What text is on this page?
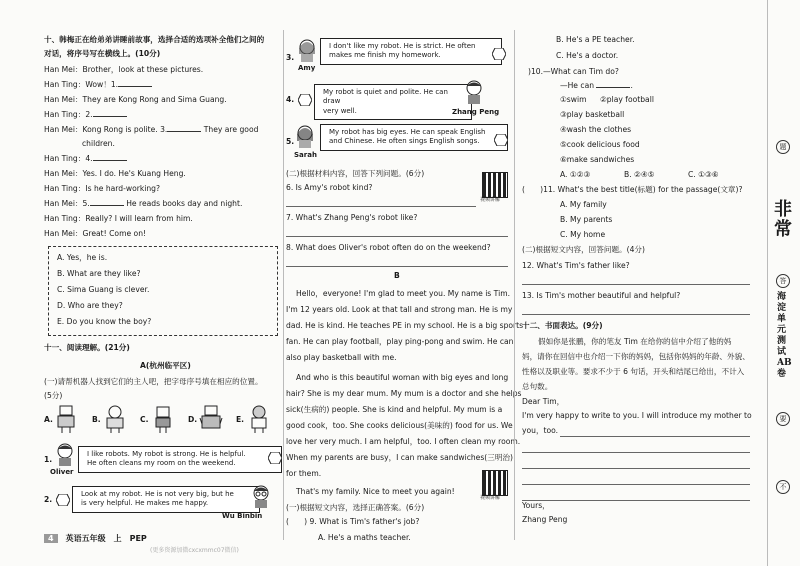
十、韩梅正在给弟弟讲睡前故事，选择合适的选项补全他们之间的
对话，将序号写在横线上。(10分)
Han Mei：Brother，look at these pictures.
Han Ting：Wow！1.
Han Mei：They are Kong Rong and Sima Guang.
Han Ting：2.
Han Mei：Kong Rong is polite. 3.	They are good
children.
Han Ting：4.
Han Mei：Yes. I do. He's Kuang Heng.
Han Ting：Is he hard-working?
Han Mei：5.	He reads books day and night.
Han Ting：Really? I will learn from him.
Han Mei：Great! Come on!
A. Yes，he is.
B. What are they like?
C. Sima Guang is clever.
D. Who are they?
E. Do you know the boy?
十一、阅读理解。(21分)
A(杭州临平区)
(一)请帮机器人找到它们的主人吧，把字母序号填在相应的位置。
(5分)
A.	B.	C.	D.	E.
1.
Oliver
I like robots. My robot is strong. He is helpful.
He often cleans my room on the weekend.
2.
Look at my robot. He is not very big, but he
is very helpful. He makes me happy.
Wu Binbin
3.
Amy
I don't like my robot. He is strict. He often
makes me finish my homework.
4.
My robot is quiet and polite. He can draw
very well.	Zhang Peng
5.
Sarah
My robot has big eyes. He can speak English
and Chinese. He often sings English songs.
(二)根据材料内容，回答下列问题。(6分)
视频讲解
6. Is Amy's robot kind?
7. What's Zhang Peng's robot like?
8. What does Oliver's robot often do on the weekend?
B
Hello，everyone! I'm glad to meet you. My name is Tim.
I'm 12 years old. Look at that tall and strong man. He is my
dad. He is kind. He teaches PE in my school. He is a big sports
fan. He can play football，play ping-pong and swim. He can
also play basketball with me.
And who is this beautiful woman with big eyes and long
hair? She is my dear mum. My mum is a doctor and she helps
sick(生病的) people. She is kind and helpful. My mum is a
good cook，too. She cooks delicious(美味的) food for us. We
love her very much. I am helpful，too. I often clean my room.
When my parents are busy，I can make sandwiches(三明治)
for them.
That's my family. Nice to meet you again!
(一)根据短文内容，选择正确答案。(6分)
视频讲解
(　　) 9. What is Tim's father's job?
A. He's a maths teacher.
B. He's a PE teacher.
C. He's a doctor.
)10.—What can Tim do?
—He can	.
①swim ②play football
③play basketball
④wash the clothes
⑤cook delicious food
⑥make sandwiches
A. ①②③	B. ②④⑤	C. ①③⑥
(　　)11. What's the best title(标题) for the passage(文章)?
A. My family
B. My parents
C. My home
(二)根据短文内容，回答问题。(4分)
12. What's Tim's father like?
13. Is Tim's mother beautiful and helpful?
十二、书面表达。(9分)
假如你是张鹏，你的笔友 Tim 在给你的信中介绍了他的妈
妈，请你在回信中也介绍一下你的妈妈，包括你妈妈的年龄、外貌、
性格以及职业等。要求不少于 6 句话，开头和结尾已给出，不计入
总句数。
Dear Tim，
I'm very happy to write to you. I will introduce my mother to
you，too.
Yours，
Zhang Peng
题
非
常
答
海淀单元测试AB卷
要
不
4 英语五年级　上　PEP
(更多资源加微cxcxmmc07微信)
